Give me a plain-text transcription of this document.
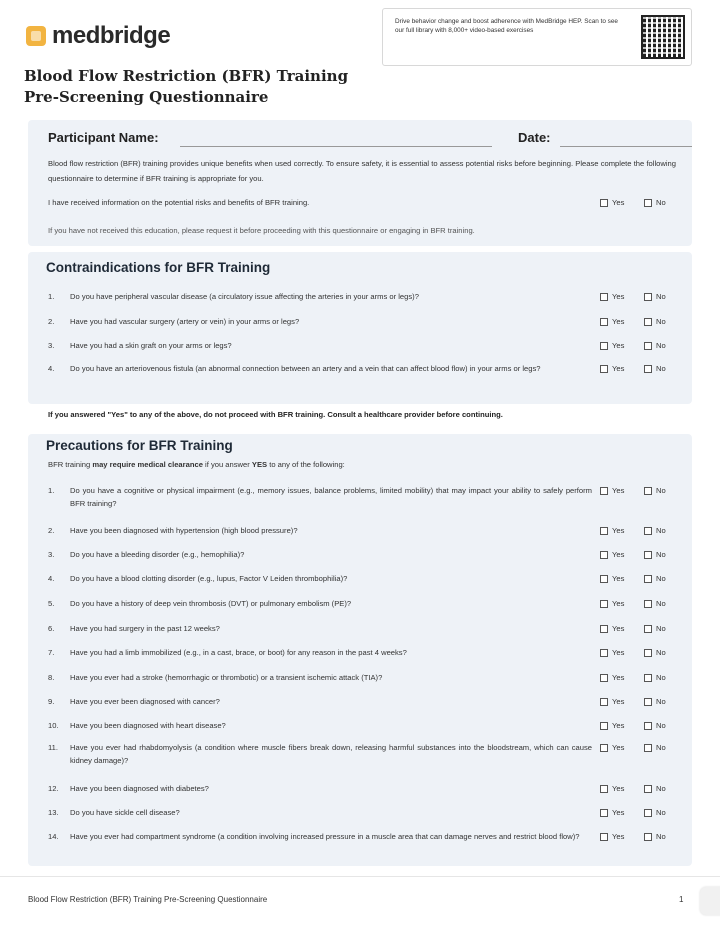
medbridge
Drive behavior change and boost adherence with MedBridge HEP. Scan to see our full library with 8,000+ video-based exercises
Blood Flow Restriction (BFR) Training
Pre-Screening Questionnaire
Participant Name:	Date:
Blood flow restriction (BFR) training provides unique benefits when used correctly. To ensure safety, it is essential to assess potential risks before beginning. Please complete the following questionnaire to determine if BFR training is appropriate for you.
I have received information on the potential risks and benefits of BFR training.	Yes	No
If you have not received this education, please request it before proceeding with this questionnaire or engaging in BFR training.
Contraindications for BFR Training
1.	Do you have peripheral vascular disease (a circulatory issue affecting the arteries in your arms or legs)?	Yes	No
2.	Have you had vascular surgery (artery or vein) in your arms or legs?	Yes	No
3.	Have you had a skin graft on your arms or legs?	Yes	No
4.	Do you have an arteriovenous fistula (an abnormal connection between an artery and a vein that can affect blood flow) in your arms or legs?	Yes	No
If you answered "Yes" to any of the above, do not proceed with BFR training. Consult a healthcare provider before continuing.
Precautions for BFR Training
BFR training may require medical clearance if you answer YES to any of the following:
1.	Do you have a cognitive or physical impairment (e.g., memory issues, balance problems, limited mobility) that may impact your ability to safely perform BFR training?
Yes	No
2.	Have you been diagnosed with hypertension (high blood pressure)?	Yes	No
3.	Do you have a bleeding disorder (e.g., hemophilia)?	Yes	No
4.	Do you have a blood clotting disorder (e.g., lupus, Factor V Leiden thrombophilia)?	Yes	No
5.	Do you have a history of deep vein thrombosis (DVT) or pulmonary embolism (PE)?	Yes	No
6.	Have you had surgery in the past 12 weeks?	Yes	No
7.	Have you had a limb immobilized (e.g., in a cast, brace, or boot) for any reason in the past 4 weeks?	Yes	No
8.	Have you ever had a stroke (hemorrhagic or thrombotic) or a transient ischemic attack (TIA)?	Yes	No
9.	Have you ever been diagnosed with cancer?	Yes	No
10.	Have you been diagnosed with heart disease?	Yes	No
11.	Have you ever had rhabdomyolysis (a condition where muscle fibers break down, releasing harmful substances into the bloodstream, which can cause kidney damage)?
Yes	No
12.	Have you been diagnosed with diabetes?	Yes	No
13.	Do you have sickle cell disease?	Yes	No
14.	Have you ever had compartment syndrome (a condition involving increased pressure in a muscle area that can damage nerves and restrict blood flow)?	Yes	No
Blood Flow Restriction (BFR) Training Pre-Screening Questionnaire	1
